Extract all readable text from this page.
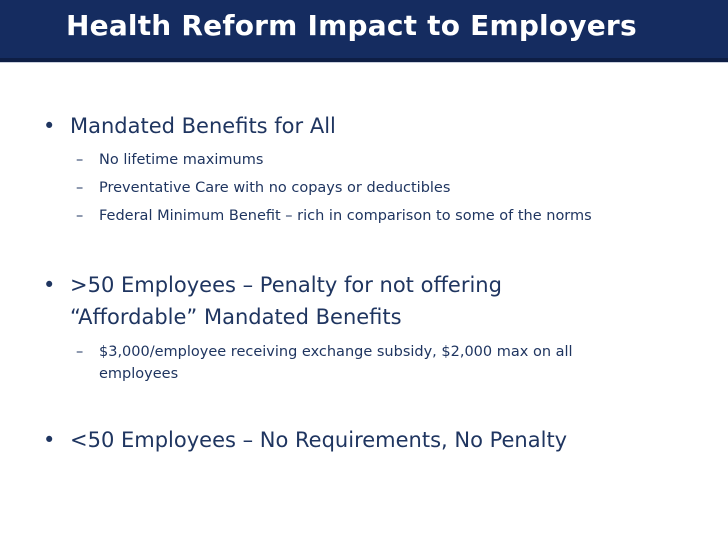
Health Reform Impact to Employers
• Mandated Benefits for All
– No lifetime maximums
– Preventative Care with no copays or deductibles
– Federal Minimum Benefit – rich in comparison to some of the norms
• >50 Employees – Penalty for not offering
“Affordable” Mandated Benefits
– $3,000/employee receiving exchange subsidy, $2,000 max on all
employees
• <50 Employees – No Requirements, No Penalty
